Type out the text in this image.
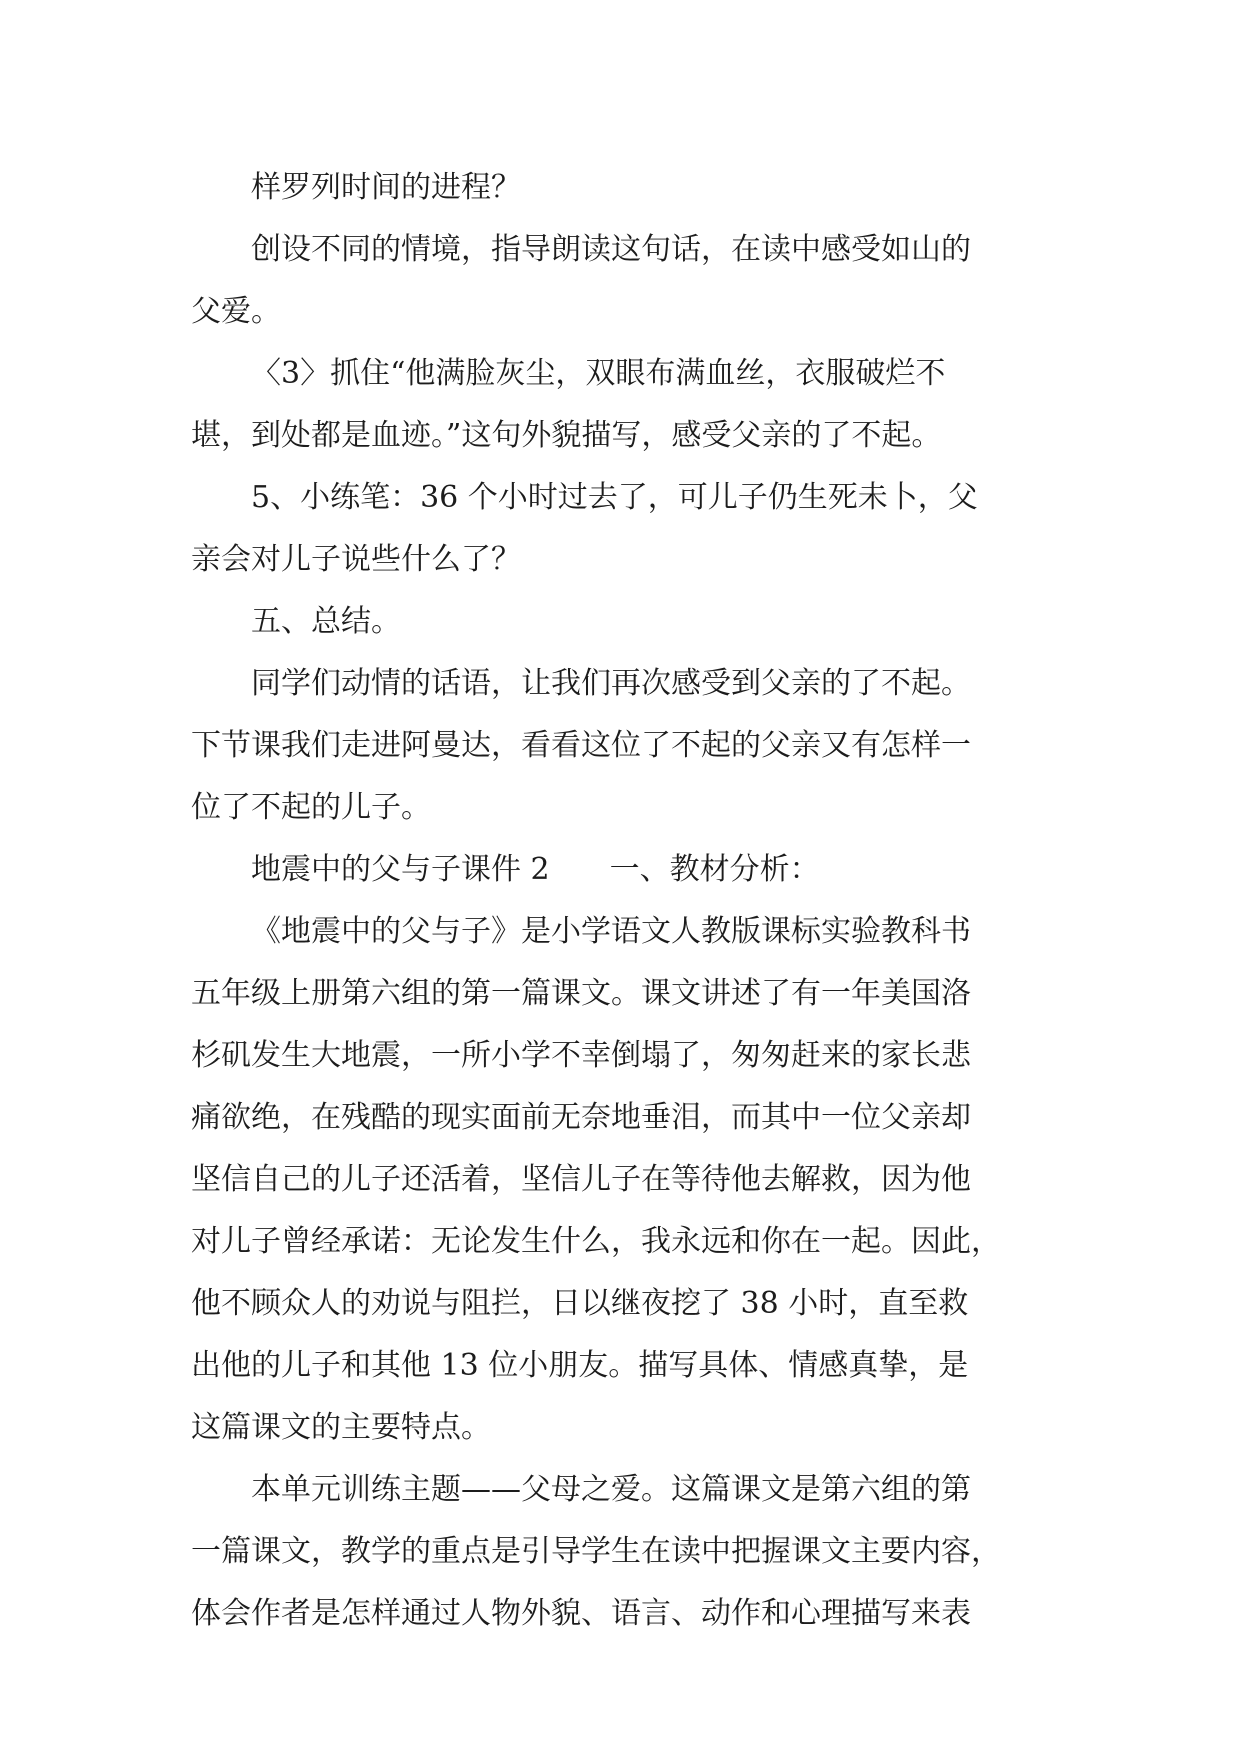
样罗列时间的进程？
创设不同的情境，指导朗读这句话，在读中感受如山的
父爱。
〈3〉抓住“他满脸灰尘，双眼布满血丝，衣服破烂不
堪，到处都是血迹。”这句外貌描写，感受父亲的了不起。
5、小练笔：36 个小时过去了，可儿子仍生死未卜，父
亲会对儿子说些什么了？
五、总结。
同学们动情的话语，让我们再次感受到父亲的了不起。
下节课我们走进阿曼达，看看这位了不起的父亲又有怎样一
位了不起的儿子。
地震中的父与子课件 2　　一、教材分析：
《地震中的父与子》是小学语文人教版课标实验教科书
五年级上册第六组的第一篇课文。课文讲述了有一年美国洛
杉矶发生大地震，一所小学不幸倒塌了，匆匆赶来的家长悲
痛欲绝，在残酷的现实面前无奈地垂泪，而其中一位父亲却
坚信自己的儿子还活着，坚信儿子在等待他去解救，因为他
对儿子曾经承诺：无论发生什么，我永远和你在一起。因此，
他不顾众人的劝说与阻拦，日以继夜挖了 38 小时，直至救
出他的儿子和其他 13 位小朋友。描写具体、情感真挚，是
这篇课文的主要特点。
本单元训练主题——父母之爱。这篇课文是第六组的第
一篇课文，教学的重点是引导学生在读中把握课文主要内容，
体会作者是怎样通过人物外貌、语言、动作和心理描写来表
